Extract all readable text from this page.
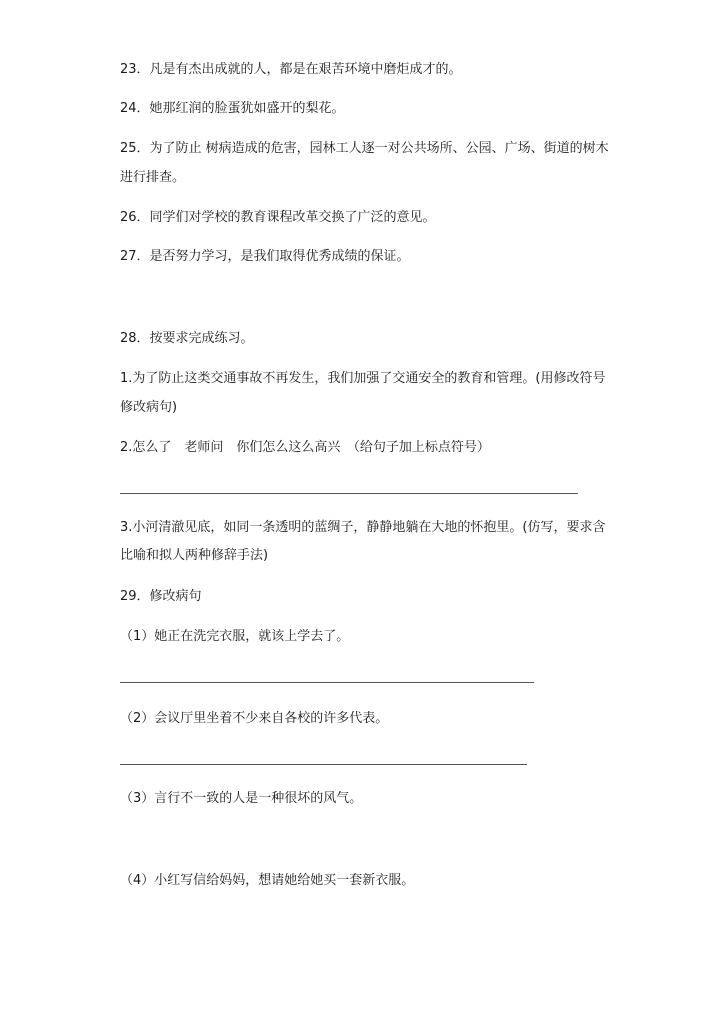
23．凡是有杰出成就的人，都是在艰苦环境中磨炬成才的。
24．她那红润的脸蛋犹如盛开的梨花。
25．为了防止 树病造成的危害，园林工人逐一对公共场所、公园、广场、街道的树木
进行排查。
26．同学们对学校的教育课程改革交换了广泛的意见。
27．是否努力学习，是我们取得优秀成绩的保证。
28．按要求完成练习。
1.为了防止这类交通事故不再发生，我们加强了交通安全的教育和管理。(用修改符号
修改病句)
2.怎么了　老师问　你们怎么这么高兴　（给句子加上标点符号）
3.小河清澈见底，如同一条透明的蓝绸子，静静地躺在大地的怀抱里。(仿写，要求含
比喻和拟人两种修辞手法)
29．修改病句
（1）她正在洗完衣服，就该上学去了。
（2）会议厅里坐着不少来自各校的许多代表。
（3）言行不一致的人是一种很坏的风气。
（4）小红写信给妈妈，想请她给她买一套新衣服。
